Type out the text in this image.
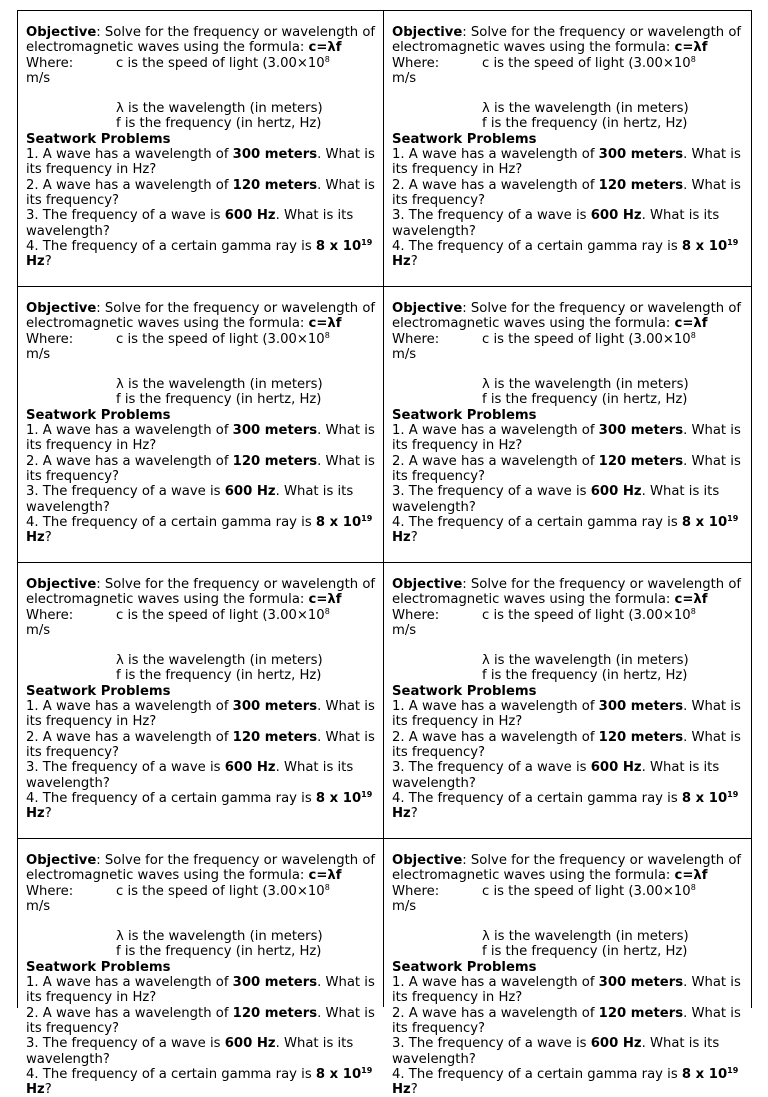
Objective: Solve for the frequency or wavelength of electromagnetic waves using the formula: c=λf

Where:	c is the speed of light ($3.00\times 10^8$

m/s

λ is the wavelength (in meters)

f is the frequency (in hertz, Hz)

Seatwork Problems

1. A wave has a wavelength of 300 meters. What is its frequency in Hz?

2. A wave has a wavelength of 120 meters. What is its frequency?

3. The frequency of a wave is 600 Hz. What is its wavelength?

4. The frequency of a certain gamma ray is 8 x $10^{19}$ Hz?

Objective: Solve for the frequency or wavelength of electromagnetic waves using the formula: c=λf

Where:	c is the speed of light ($3.00\times 10^8$

m/s

λ is the wavelength (in meters)

f is the frequency (in hertz, Hz)

Seatwork Problems

1. A wave has a wavelength of 300 meters. What is its frequency in Hz?

2. A wave has a wavelength of 120 meters. What is its frequency?

3. The frequency of a wave is 600 Hz. What is its wavelength?

4. The frequency of a certain gamma ray is 8 x $10^{19}$ Hz?

Objective: Solve for the frequency or wavelength of electromagnetic waves using the formula: c=λf

Where:	c is the speed of light ($3.00\times 10^8$

m/s

λ is the wavelength (in meters)

f is the frequency (in hertz, Hz)

Seatwork Problems

1. A wave has a wavelength of 300 meters. What is its frequency in Hz?

2. A wave has a wavelength of 120 meters. What is its frequency?

3. The frequency of a wave is 600 Hz. What is its wavelength?

4. The frequency of a certain gamma ray is 8 x $10^{19}$ Hz?

Objective: Solve for the frequency or wavelength of electromagnetic waves using the formula: c=λf

Where:	c is the speed of light ($3.00\times 10^8$

m/s

λ is the wavelength (in meters)

f is the frequency (in hertz, Hz)

Seatwork Problems

1. A wave has a wavelength of 300 meters. What is its frequency in Hz?

2. A wave has a wavelength of 120 meters. What is its frequency?

3. The frequency of a wave is 600 Hz. What is its wavelength?

4. The frequency of a certain gamma ray is 8 x $10^{19}$ Hz?

Objective: Solve for the frequency or wavelength of electromagnetic waves using the formula: c=λf

Where:	c is the speed of light ($3.00\times 10^8$

m/s

λ is the wavelength (in meters)

f is the frequency (in hertz, Hz)

Seatwork Problems

1. A wave has a wavelength of 300 meters. What is its frequency in Hz?

2. A wave has a wavelength of 120 meters. What is its frequency?

3. The frequency of a wave is 600 Hz. What is its wavelength?

4. The frequency of a certain gamma ray is 8 x $10^{19}$ Hz?

Objective: Solve for the frequency or wavelength of electromagnetic waves using the formula: c=λf

Where:	c is the speed of light ($3.00\times 10^8$

m/s

λ is the wavelength (in meters)

f is the frequency (in hertz, Hz)

Seatwork Problems

1. A wave has a wavelength of 300 meters. What is its frequency in Hz?

2. A wave has a wavelength of 120 meters. What is its frequency?

3. The frequency of a wave is 600 Hz. What is its wavelength?

4. The frequency of a certain gamma ray is 8 x $10^{19}$ Hz?

Objective: Solve for the frequency or wavelength of electromagnetic waves using the formula: c=λf

Where:	c is the speed of light ($3.00\times 10^8$

m/s

λ is the wavelength (in meters)

f is the frequency (in hertz, Hz)

Seatwork Problems

1. A wave has a wavelength of 300 meters. What is its frequency in Hz?

2. A wave has a wavelength of 120 meters. What is its frequency?

3. The frequency of a wave is 600 Hz. What is its wavelength?

4. The frequency of a certain gamma ray is 8 x $10^{19}$ Hz?

Objective: Solve for the frequency or wavelength of electromagnetic waves using the formula: c=λf

Where:	c is the speed of light ($3.00\times 10^8$

m/s

λ is the wavelength (in meters)

f is the frequency (in hertz, Hz)

Seatwork Problems

1. A wave has a wavelength of 300 meters. What is its frequency in Hz?

2. A wave has a wavelength of 120 meters. What is its frequency?

3. The frequency of a wave is 600 Hz. What is its wavelength?

4. The frequency of a certain gamma ray is 8 x $10^{19}$ Hz?
